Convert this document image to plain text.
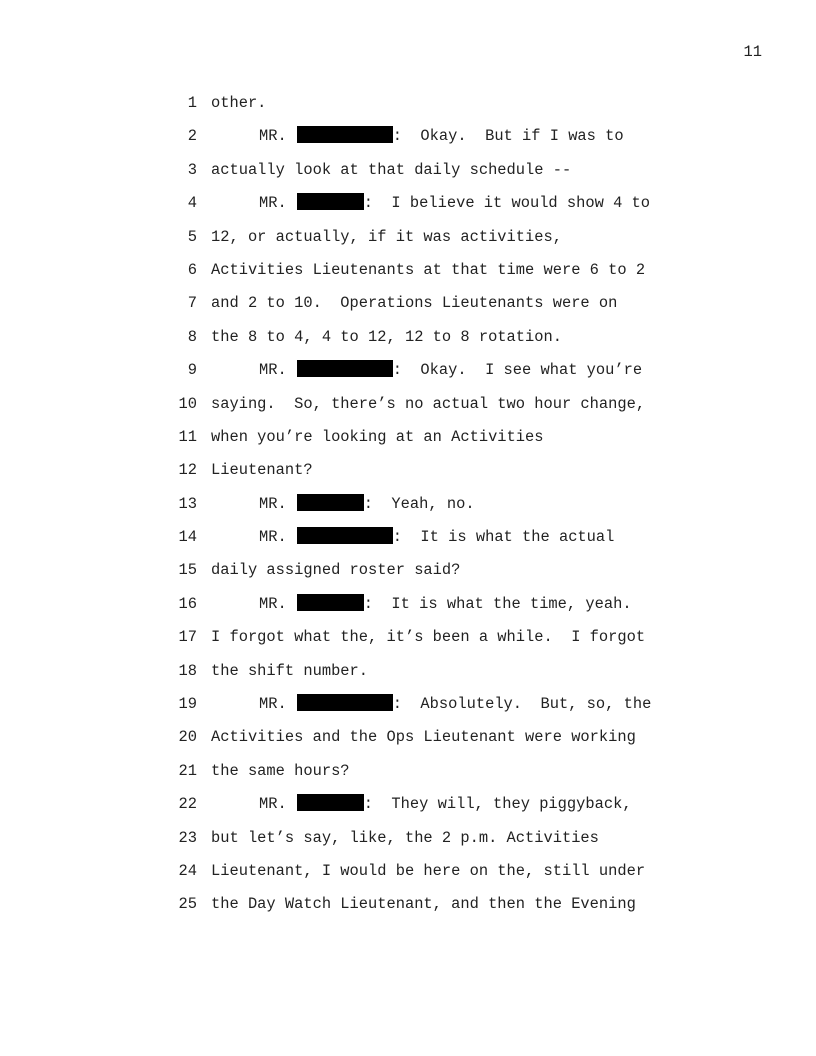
11
1 other.
2	MR.	:  Okay.  But if I was to
3 actually look at that daily schedule --
4	MR.	:  I believe it would show 4 to
5 12, or actually, if it was activities,
6 Activities Lieutenants at that time were 6 to 2
7 and 2 to 10.  Operations Lieutenants were on
8 the 8 to 4, 4 to 12, 12 to 8 rotation.
9	MR.	:  Okay.  I see what you’re
10 saying.  So, there’s no actual two hour change,
11 when you’re looking at an Activities
12 Lieutenant?
13	MR.	:  Yeah, no.
14	MR.	:  It is what the actual
15 daily assigned roster said?
16	MR.	:  It is what the time, yeah.
17 I forgot what the, it’s been a while.  I forgot
18 the shift number.
19	MR.	:  Absolutely.  But, so, the
20 Activities and the Ops Lieutenant were working
21 the same hours?
22	MR.	:  They will, they piggyback,
23 but let’s say, like, the 2 p.m. Activities
24 Lieutenant, I would be here on the, still under
25 the Day Watch Lieutenant, and then the Evening
